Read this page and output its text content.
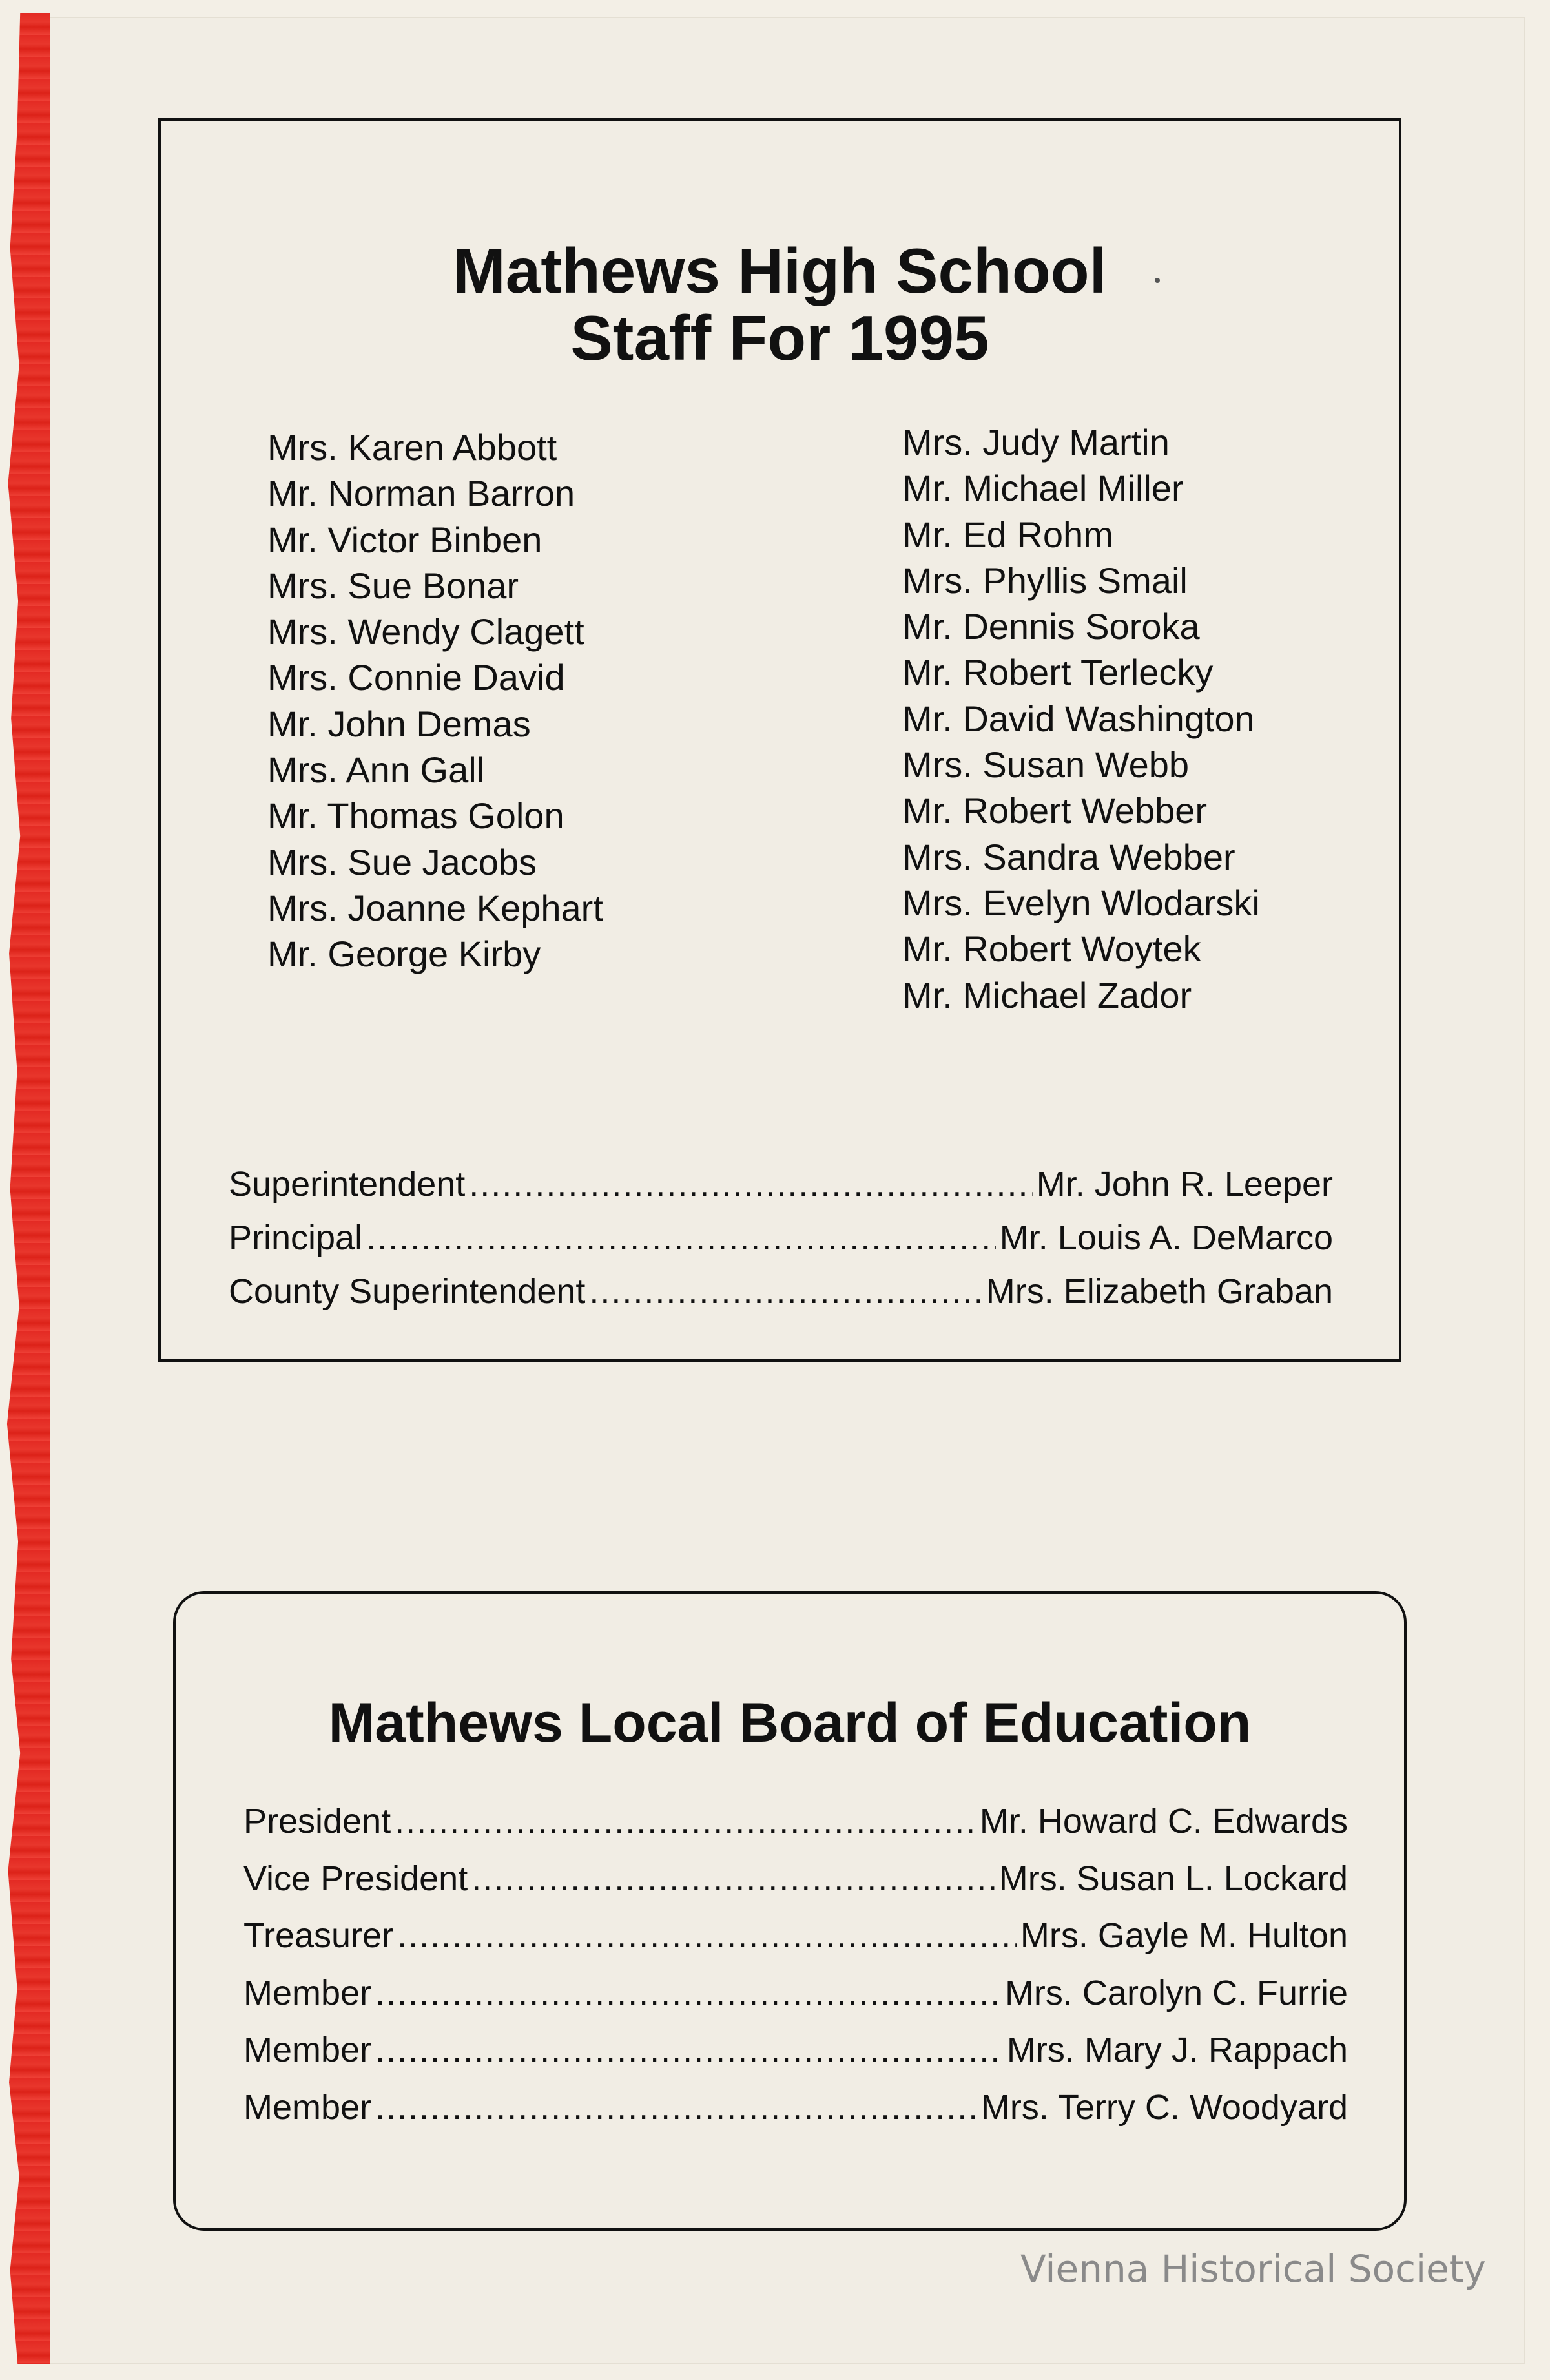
Mathews High School
Staff For 1995
Mrs. Karen Abbott
Mr. Norman Barron
Mr. Victor Binben
Mrs. Sue Bonar
Mrs. Wendy Clagett
Mrs. Connie David
Mr. John Demas
Mrs. Ann Gall
Mr. Thomas Golon
Mrs. Sue Jacobs
Mrs. Joanne Kephart
Mr. George Kirby
Mrs. Judy Martin
Mr. Michael Miller
Mr. Ed Rohm
Mrs. Phyllis Smail
Mr. Dennis Soroka
Mr. Robert Terlecky
Mr. David Washington
Mrs. Susan Webb
Mr. Robert Webber
Mrs. Sandra Webber
Mrs. Evelyn Wlodarski
Mr. Robert Woytek
Mr. Michael Zador
Superintendent .....	Mr. John R. Leeper
Principal .....	Mr. Louis A. DeMarco
County Superintendent .....	Mrs. Elizabeth Graban
Mathews Local Board of Education
President .....	Mr. Howard C. Edwards
Vice President .....	Mrs. Susan L. Lockard
Treasurer .....	Mrs. Gayle M. Hulton
Member .....	Mrs. Carolyn C. Furrie
Member .....	Mrs. Mary J. Rappach
Member .....	Mrs. Terry C. Woodyard
Vienna Historical Society
